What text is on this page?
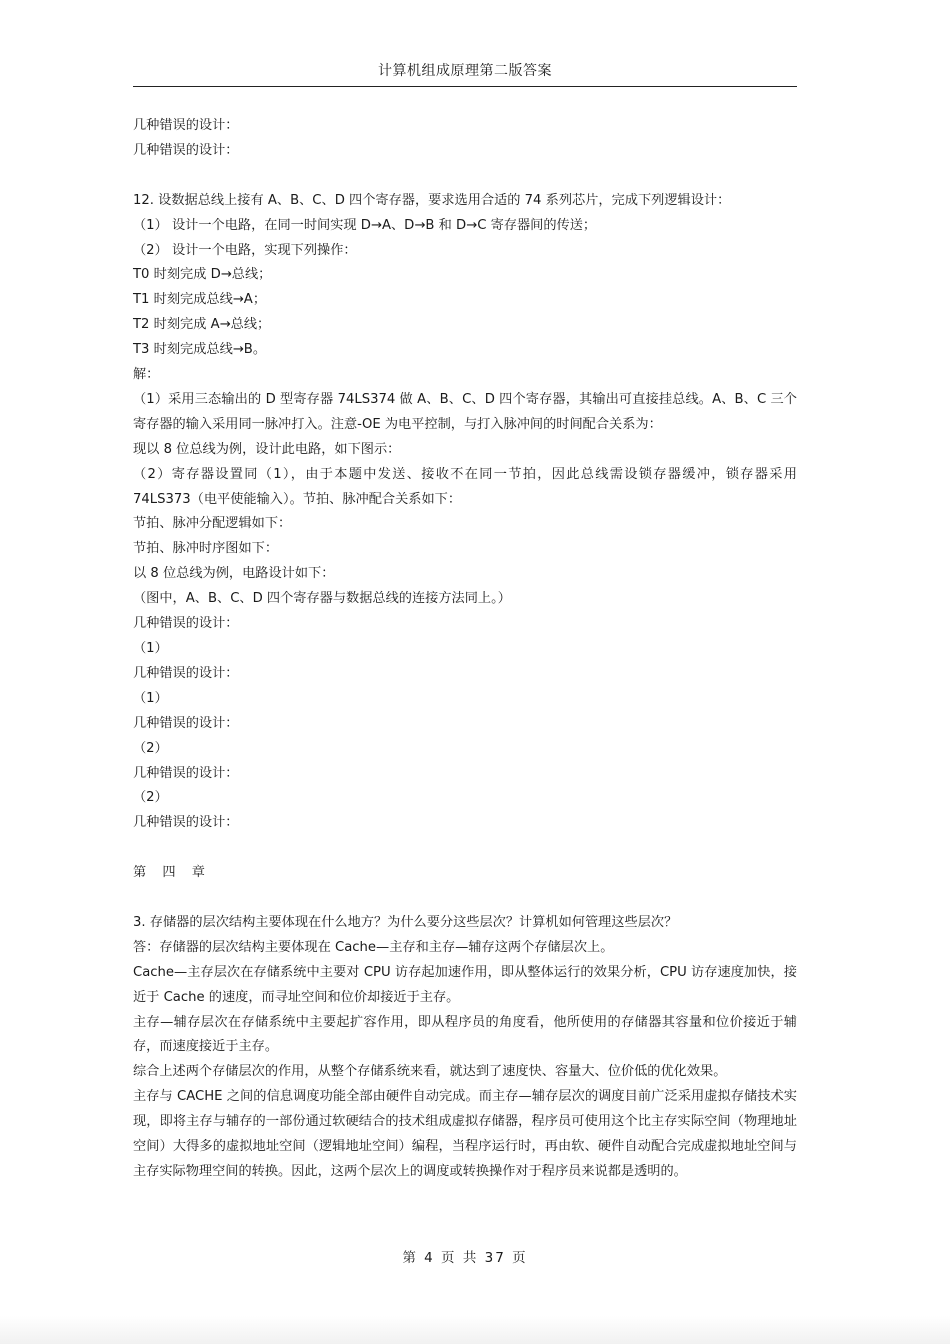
计算机组成原理第二版答案
几种错误的设计：
几种错误的设计：
12. 设数据总线上接有 A、B、C、D 四个寄存器，要求选用合适的 74 系列芯片，完成下列逻辑设计：
（1） 设计一个电路，在同一时间实现 D→A、D→B 和 D→C 寄存器间的传送；
（2） 设计一个电路，实现下列操作：
T0 时刻完成 D→总线；
T1 时刻完成总线→A；
T2 时刻完成 A→总线；
T3 时刻完成总线→B。
解：
（1）采用三态输出的 D 型寄存器 74LS374 做 A、B、C、D 四个寄存器，其输出可直接挂总线。A、B、C 三个寄存器的输入采用同一脉冲打入。注意-OE 为电平控制，与打入脉冲间的时间配合关系为：
现以 8 位总线为例，设计此电路，如下图示：
（2）寄存器设置同（1），由于本题中发送、接收不在同一节拍，因此总线需设锁存器缓冲，锁存器采用 74LS373（电平使能输入）。节拍、脉冲配合关系如下：
节拍、脉冲分配逻辑如下：
节拍、脉冲时序图如下：
以 8 位总线为例，电路设计如下：
（图中，A、B、C、D 四个寄存器与数据总线的连接方法同上。）
几种错误的设计：
（1）
几种错误的设计：
（1）
几种错误的设计：
（2）
几种错误的设计：
（2）
几种错误的设计：
第 四 章
3. 存储器的层次结构主要体现在什么地方？为什么要分这些层次？计算机如何管理这些层次？
答：存储器的层次结构主要体现在 Cache—主存和主存—辅存这两个存储层次上。
Cache—主存层次在存储系统中主要对 CPU 访存起加速作用，即从整体运行的效果分析，CPU 访存速度加快，接近于 Cache 的速度，而寻址空间和位价却接近于主存。
主存—辅存层次在存储系统中主要起扩容作用，即从程序员的角度看，他所使用的存储器其容量和位价接近于辅存，而速度接近于主存。
综合上述两个存储层次的作用，从整个存储系统来看，就达到了速度快、容量大、位价低的优化效果。
主存与 CACHE 之间的信息调度功能全部由硬件自动完成。而主存—辅存层次的调度目前广泛采用虚拟存储技术实现，即将主存与辅存的一部份通过软硬结合的技术组成虚拟存储器，程序员可使用这个比主存实际空间（物理地址空间）大得多的虚拟地址空间（逻辑地址空间）编程，当程序运行时，再由软、硬件自动配合完成虚拟地址空间与主存实际物理空间的转换。因此，这两个层次上的调度或转换操作对于程序员来说都是透明的。
第 4 页 共 37 页
